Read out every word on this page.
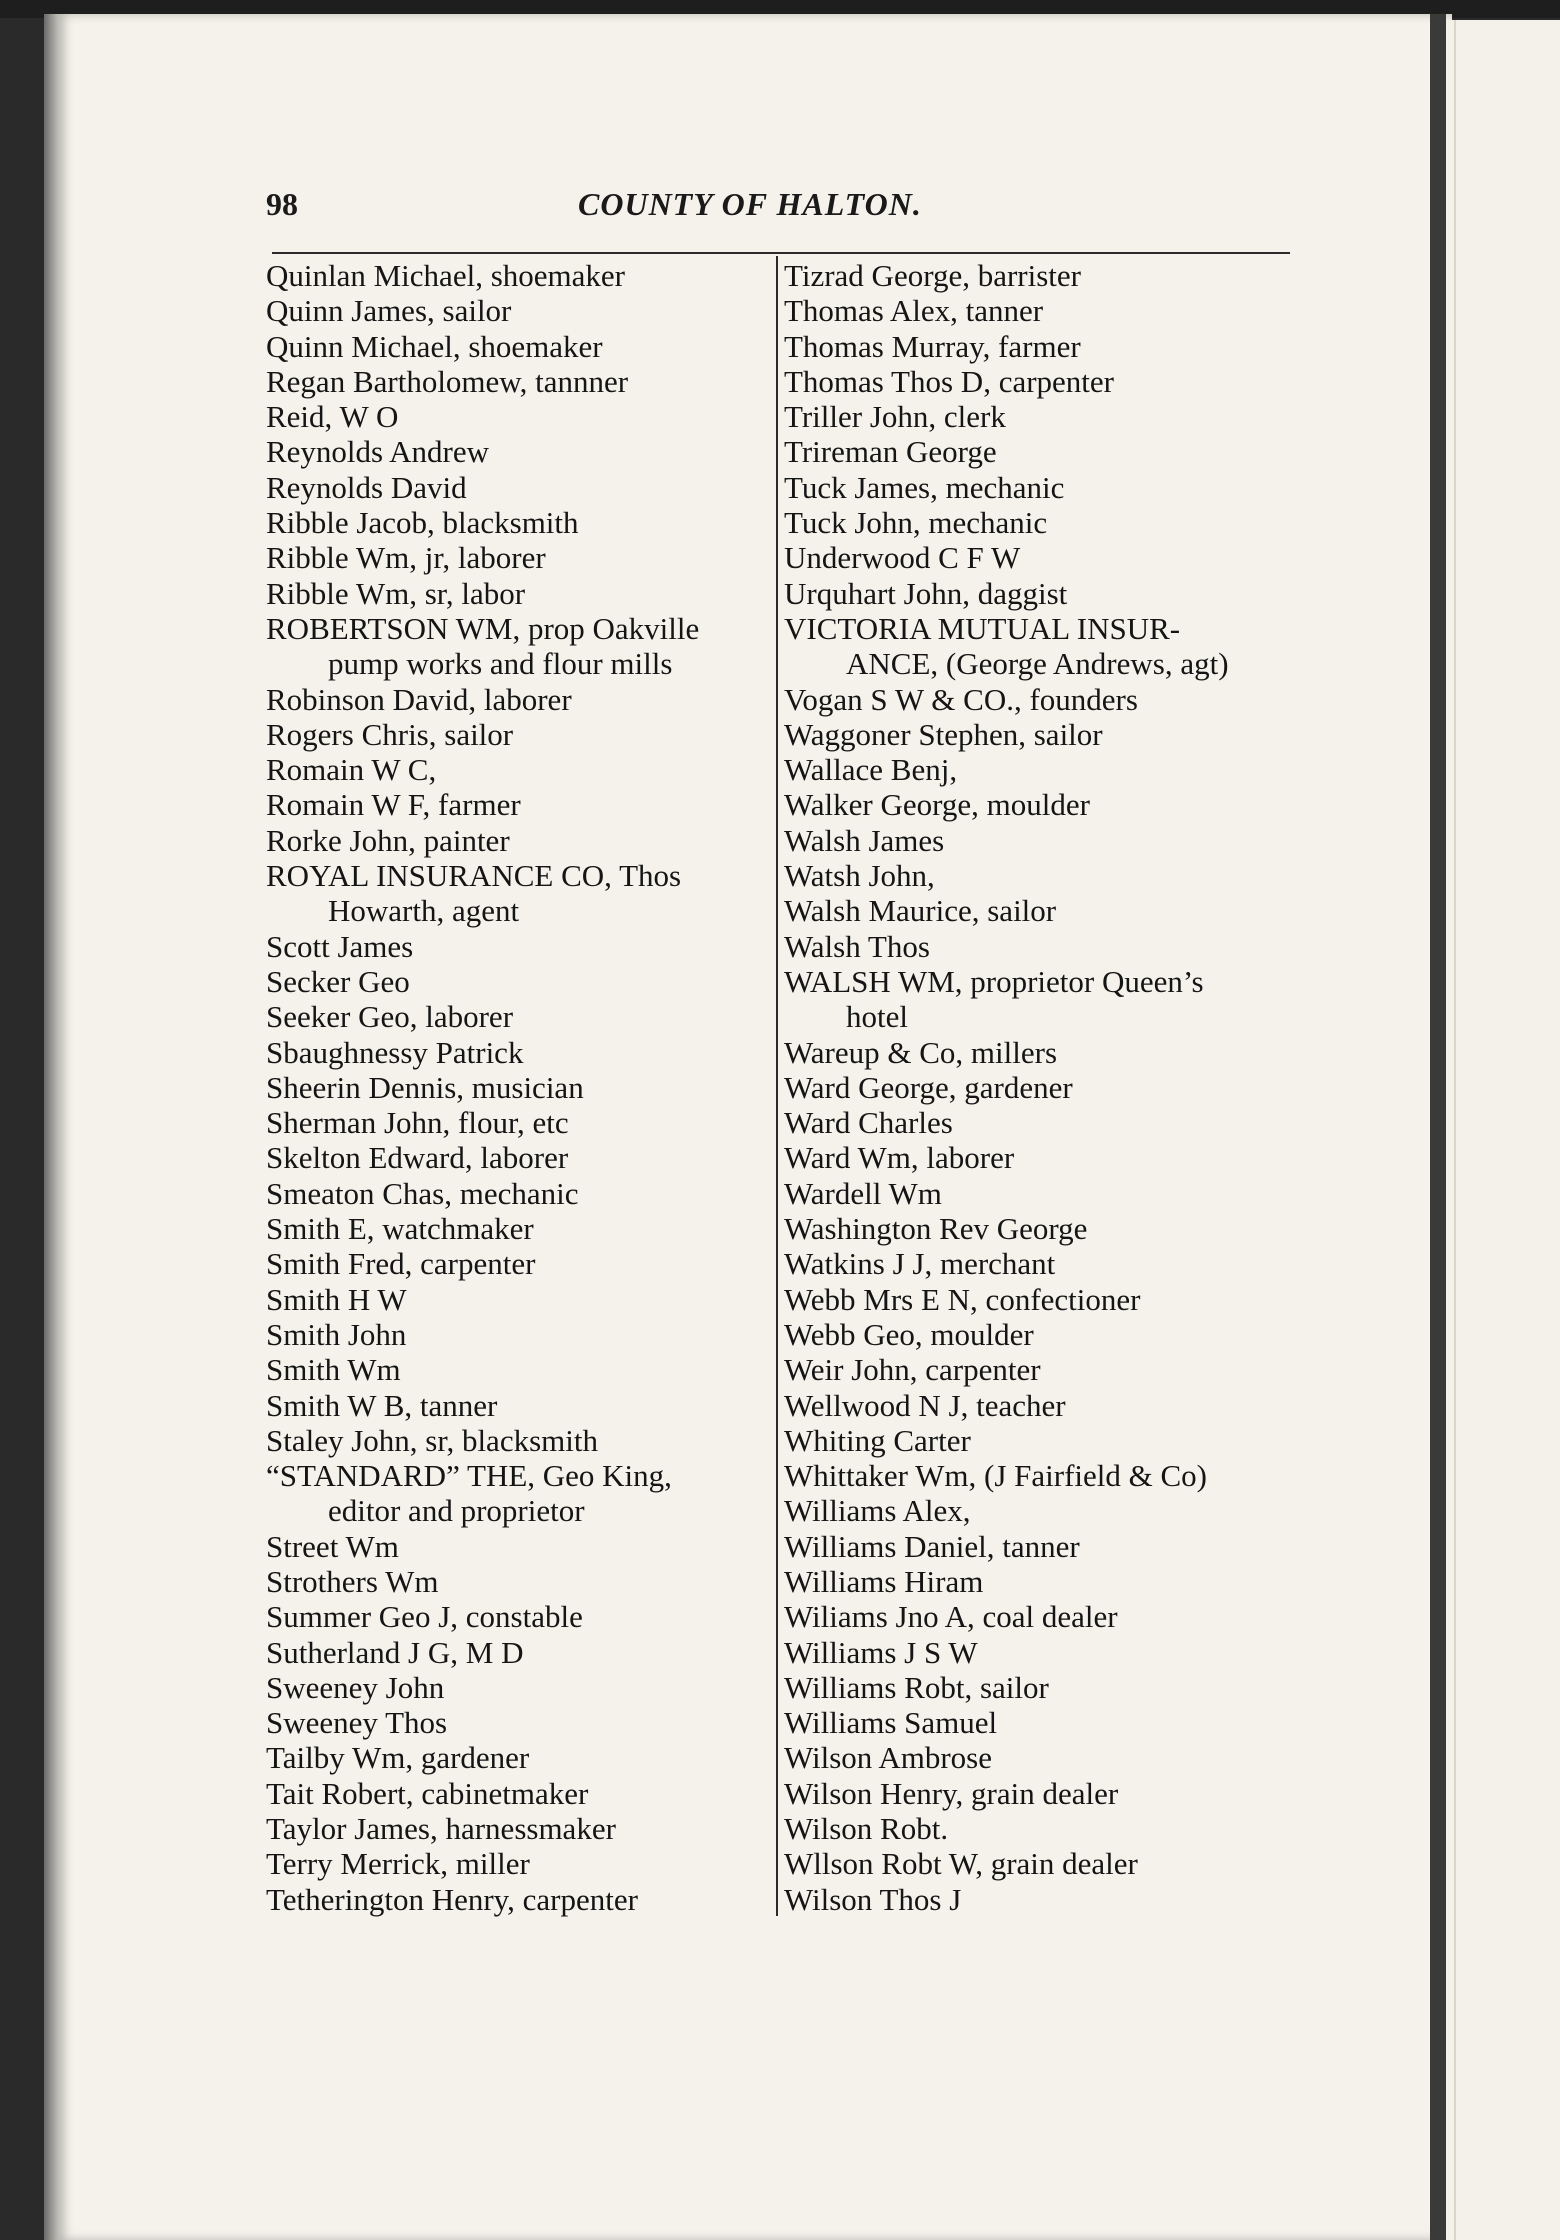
98	COUNTY OF HALTON.
Quinlan Michael, shoemaker
Quinn James, sailor
Quinn Michael, shoemaker
Regan Bartholomew, tannner
Reid, W O
Reynolds Andrew
Reynolds David
Ribble Jacob, blacksmith
Ribble Wm, jr, laborer
Ribble Wm, sr, labor
ROBERTSON WM, prop Oakville
pump works and flour mills
Robinson David, laborer
Rogers Chris, sailor
Romain W C,
Romain W F, farmer
Rorke John, painter
ROYAL INSURANCE CO, Thos
Howarth, agent
Scott James
Secker Geo
Seeker Geo, laborer
Sbaughnessy Patrick
Sheerin Dennis, musician
Sherman John, flour, etc
Skelton Edward, laborer
Smeaton Chas, mechanic
Smith E, watchmaker
Smith Fred, carpenter
Smith H W
Smith John
Smith Wm
Smith W B, tanner
Staley John, sr, blacksmith
“STANDARD” THE, Geo King,
editor and proprietor
Street Wm
Strothers Wm
Summer Geo J, constable
Sutherland J G, M D
Sweeney John
Sweeney Thos
Tailby Wm, gardener
Tait Robert, cabinetmaker
Taylor James, harnessmaker
Terry Merrick, miller
Tetherington Henry, carpenter
Tizrad George, barrister
Thomas Alex, tanner
Thomas Murray, farmer
Thomas Thos D, carpenter
Triller John, clerk
Trireman George
Tuck James, mechanic
Tuck John, mechanic
Underwood C F W
Urquhart John, daggist
VICTORIA MUTUAL INSUR-
ANCE, (George Andrews, agt)
Vogan S W & CO., founders
Waggoner Stephen, sailor
Wallace Benj,
Walker George, moulder
Walsh James
Watsh John,
Walsh Maurice, sailor
Walsh Thos
WALSH WM, proprietor Queen’s
hotel
Wareup & Co, millers
Ward George, gardener
Ward Charles
Ward Wm, laborer
Wardell Wm
Washington Rev George
Watkins J J, merchant
Webb Mrs E N, confectioner
Webb Geo, moulder
Weir John, carpenter
Wellwood N J, teacher
Whiting Carter
Whittaker Wm, (J Fairfield & Co)
Williams Alex,
Williams Daniel, tanner
Williams Hiram
Wiliams Jno A, coal dealer
Williams J S W
Williams Robt, sailor
Williams Samuel
Wilson Ambrose
Wilson Henry, grain dealer
Wilson Robt.
Wllson Robt W, grain dealer
Wilson Thos J
